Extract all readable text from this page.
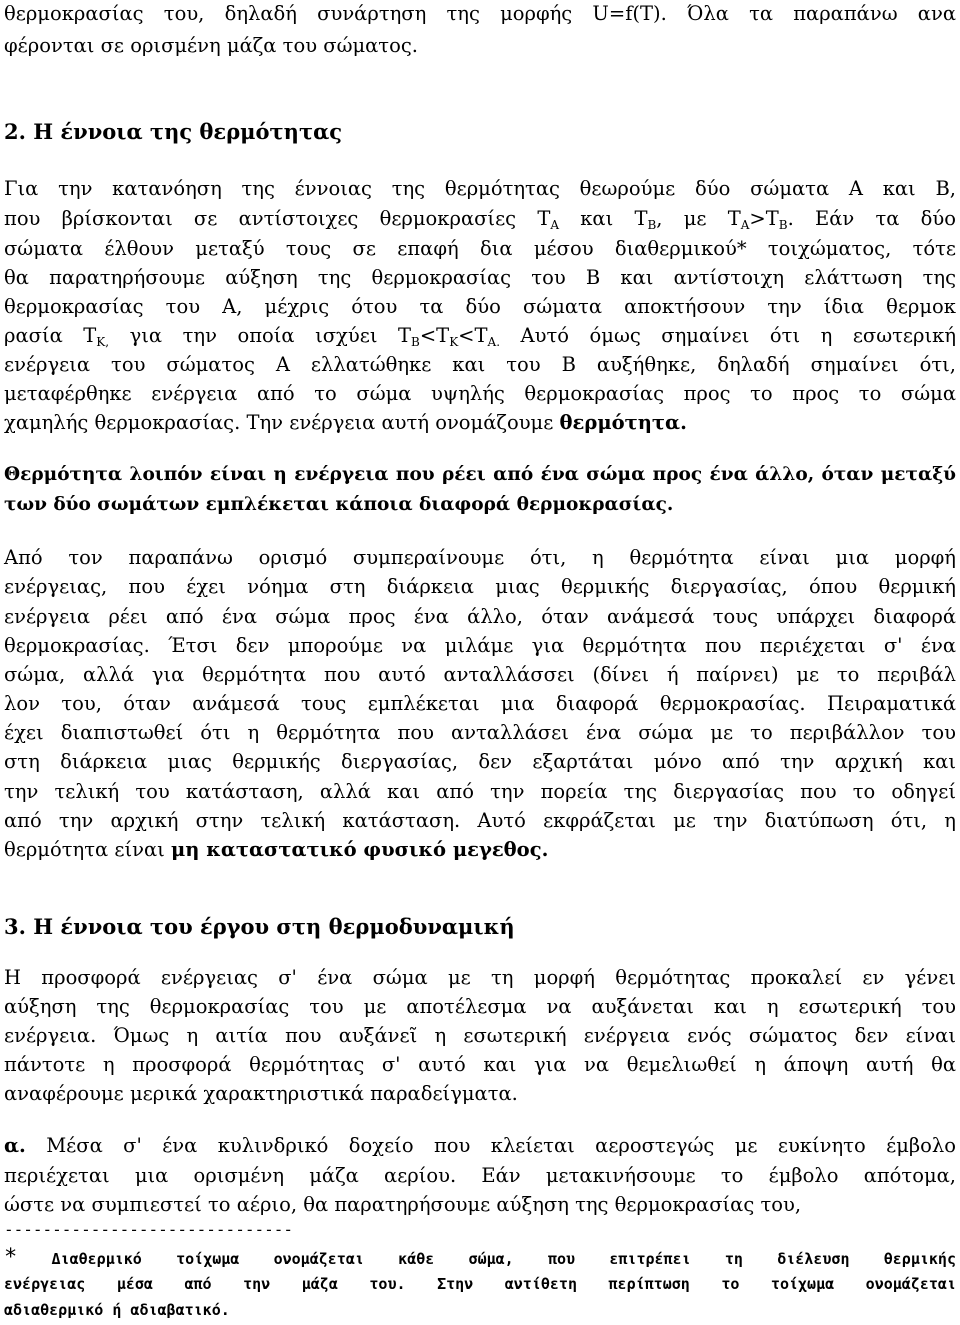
θερμοκρασίας του, δηλαδή συνάρτηση της μορφής U=f(T). Όλα τα παραπάνω ανα
φέρονται σε ορισμένη μάζα του σώματος.
2. Η έννοια της θερμότητας
Για την κατανόηση της έννοιας της θερμότητας θεωρούμε δύο σώματα Α και Β,
που βρίσκονται σε αντίστοιχες θερμοκρασίες $T_A$ και $T_B$, με $T_A>T_B$. Εάν τα δύο
σώματα έλθουν μεταξύ τους σε επαφή δια μέσου διαθερμικού* τοιχώματος, τότε
θα παρατηρήσουμε αύξηση της θερμοκρασίας του Β και αντίστοιχη ελάττωση της
θερμοκρασίας του Α, μέχρις ότου τα δύο σώματα αποκτήσουν την ίδια θερμοκ
ρασία $T_{K,}$ για την οποία ισχύει $T_B<T_K<T_{A.}$ Αυτό όμως σημαίνει ότι η εσωτερική
ενέργεια του σώματος Α ελλατώθηκε και του Β αυξήθηκε, δηλαδή σημαίνει ότι,
μεταφέρθηκε ενέργεια από το σώμα υψηλής θερμοκρασίας προς το προς το σώμα
χαμηλής θερμοκρασίας. Την ενέργεια αυτή ονομάζουμε θερμότητα.
Θερμότητα λοιπόν είναι η ενέργεια που ρέει από ένα σώμα προς ένα άλλο, όταν μεταξύ
των δύο σωμάτων εμπλέκεται κάποια διαφορά θερμοκρασίας.
Από τον παραπάνω ορισμό συμπεραίνουμε ότι, η θερμότητα είναι μια μορφή
ενέργειας, που έχει νόημα στη διάρκεια μιας θερμικής διεργασίας, όπου θερμική
ενέργεια ρέει από ένα σώμα προς ένα άλλο, όταν ανάμεσά τους υπάρχει διαφορά
θερμοκρασίας. Έτσι δεν μπορούμε να μιλάμε για θερμότητα που περιέχεται σ' ένα
σώμα, αλλά για θερμότητα που αυτό ανταλλάσσει (δίνει ή παίρνει) με το περιβάλ
λον του, όταν ανάμεσά τους εμπλέκεται μια διαφορά θερμοκρασίας. Πειραματικά
έχει διαπιστωθεί ότι η θερμότητα που ανταλλάσει ένα σώμα με το περιβάλλον του
στη διάρκεια μιας θερμικής διεργασίας, δεν εξαρτάται μόνο από την αρχική και
την τελική του κατάσταση, αλλά και από την πορεία της διεργασίας που το οδηγεί
από την αρχική στην τελική κατάσταση. Αυτό εκφράζεται με την διατύπωση ότι, η
θερμότητα είναι μη καταστατικό φυσικό μεγεθος.
3. Η έννοια του έργου στη θερμοδυναμική
Η προσφορά ενέργειας σ' ένα σώμα με τη μορφή θερμότητας προκαλεί εν γένει
αύξηση της θερμοκρασίας του με αποτέλεσμα να αυξάνεται και η εσωτερική του
ενέργεια. Όμως η αιτία που αυξάνεῖ η εσωτερική ενέργεια ενός σώματος δεν είναι
πάντοτε η προσφορά θερμότητας σ' αυτό και για να θεμελιωθεί η άποψη αυτή θα
αναφέρουμε μερικά χαρακτηριστικά παραδείγματα.
α. Μέσα σ' ένα κυλινδρικό δοχείο που κλείεται αεροστεγώς με ευκίνητο έμβολο
περιέχεται μια ορισμένη μάζα αερίου. Εάν μετακινήσουμε το έμβολο απότομα,
ώστε να συμπιεστεί το αέριο, θα παρατηρήσουμε αύξηση της θερμοκρασίας του,
------------------------------
* Διαθερμικό τοίχωμα ονομάζεται κάθε σώμα, που επιτρέπει τη διέλευση θερμικής
ενέργειας μέσα από την μάζα του. Στην αντίθετη περίπτωση το τοίχωμα ονομάζεται
αδιαθερμικό ή αδιαβατικό.
